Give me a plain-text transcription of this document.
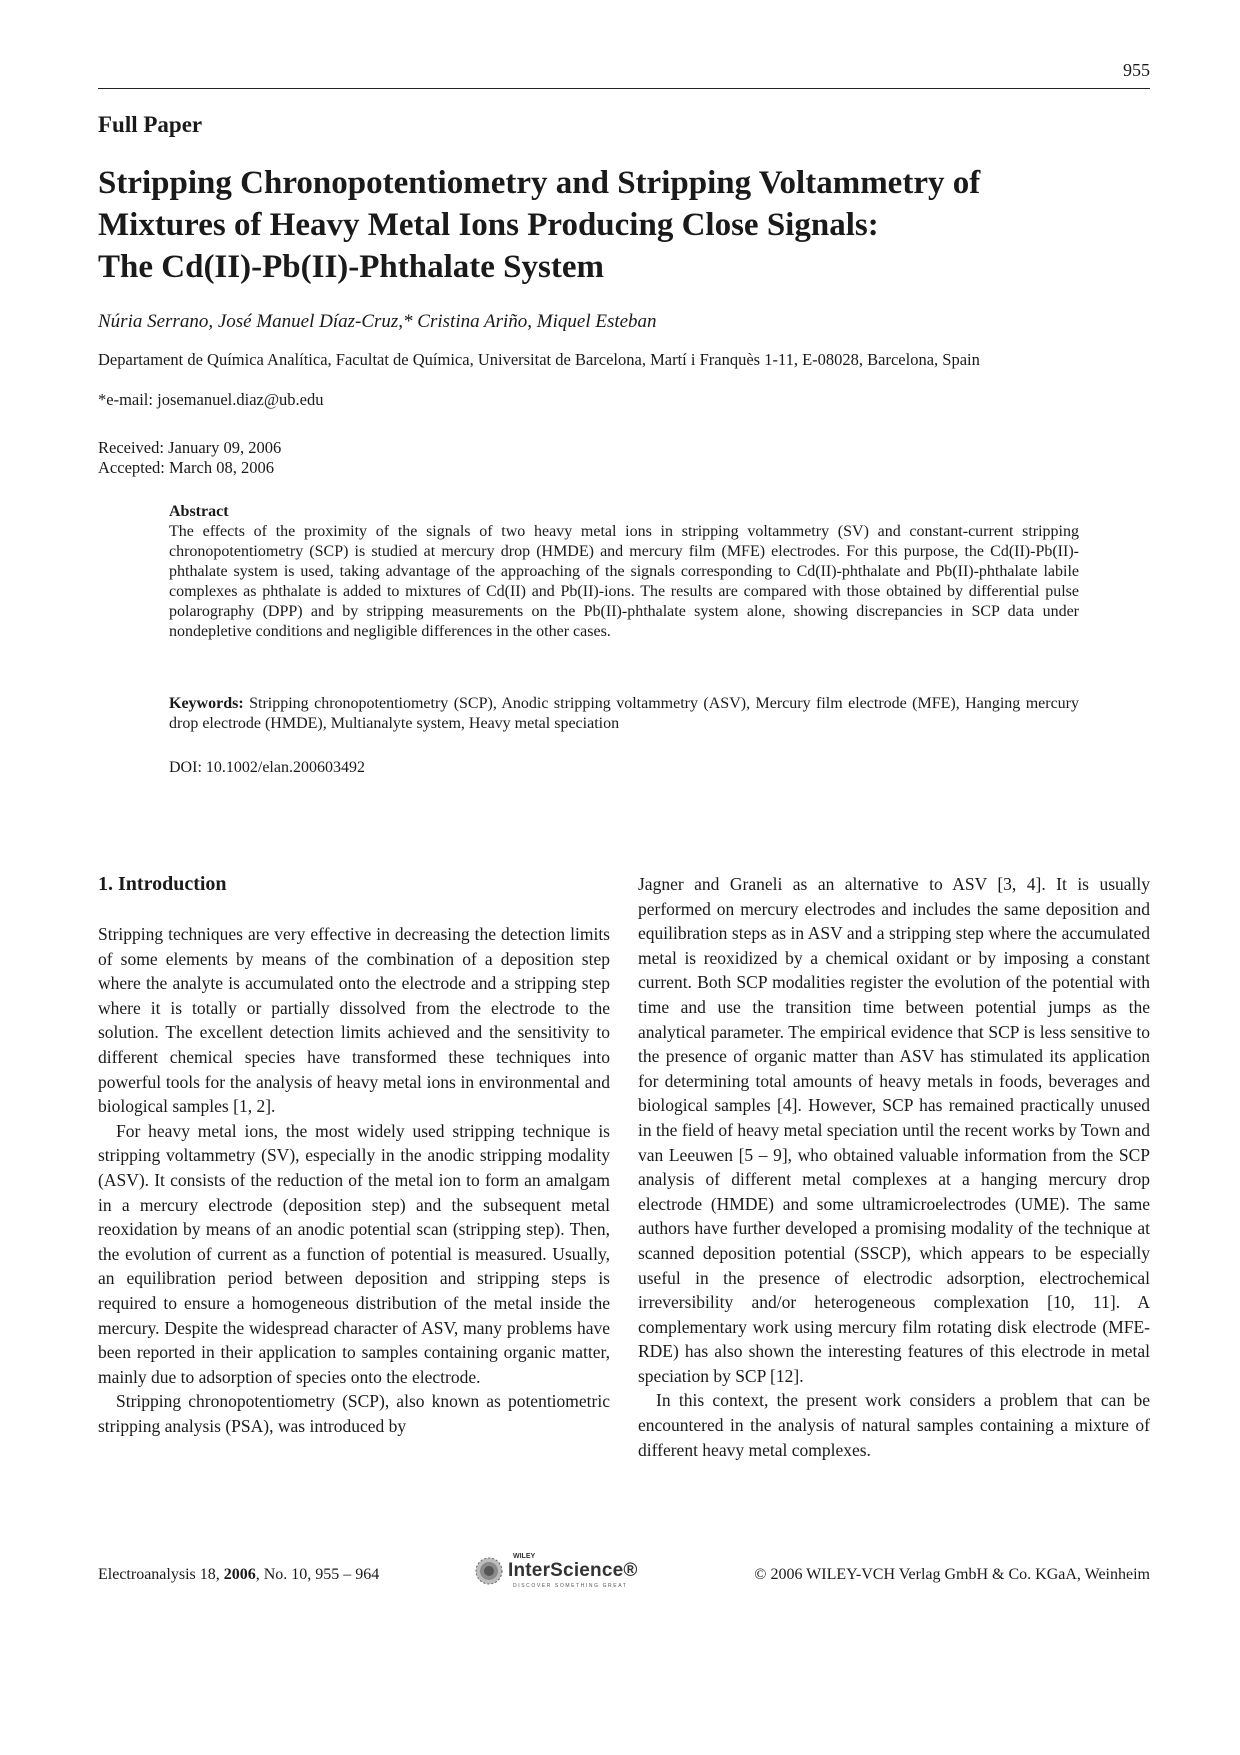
955
Full Paper
Stripping Chronopotentiometry and Stripping Voltammetry of
Mixtures of Heavy Metal Ions Producing Close Signals:
The Cd(II)-Pb(II)-Phthalate System
Núria Serrano, José Manuel Díaz-Cruz,* Cristina Ariño, Miquel Esteban
Departament de Química Analítica, Facultat de Química, Universitat de Barcelona, Martí i Franquès 1-11, E-08028, Barcelona, Spain
*e-mail: josemanuel.diaz@ub.edu
Received: January 09, 2006
Accepted: March 08, 2006
Abstract
The effects of the proximity of the signals of two heavy metal ions in stripping voltammetry (SV) and constant-current stripping chronopotentiometry (SCP) is studied at mercury drop (HMDE) and mercury film (MFE) electrodes. For this purpose, the Cd(II)-Pb(II)-phthalate system is used, taking advantage of the approaching of the signals corresponding to Cd(II)-phthalate and Pb(II)-phthalate labile complexes as phthalate is added to mixtures of Cd(II) and Pb(II)-ions. The results are compared with those obtained by differential pulse polarography (DPP) and by stripping measurements on the Pb(II)-phthalate system alone, showing discrepancies in SCP data under nondepletive conditions and negligible differences in the other cases.
Keywords: Stripping chronopotentiometry (SCP), Anodic stripping voltammetry (ASV), Mercury film electrode (MFE), Hanging mercury drop electrode (HMDE), Multianalyte system, Heavy metal speciation
DOI: 10.1002/elan.200603492
1. Introduction

Stripping techniques are very effective in decreasing the detection limits of some elements by means of the combination of a deposition step where the analyte is accumulated onto the electrode and a stripping step where it is totally or partially dissolved from the electrode to the solution. The excellent detection limits achieved and the sensitivity to different chemical species have transformed these techniques into powerful tools for the analysis of heavy metal ions in environmental and biological samples [1, 2].

For heavy metal ions, the most widely used stripping technique is stripping voltammetry (SV), especially in the anodic stripping modality (ASV). It consists of the reduction of the metal ion to form an amalgam in a mercury electrode (deposition step) and the subsequent metal reoxidation by means of an anodic potential scan (stripping step). Then, the evolution of current as a function of potential is measured. Usually, an equilibration period between deposition and stripping steps is required to ensure a homogeneous distribution of the metal inside the mercury. Despite the widespread character of ASV, many problems have been reported in their application to samples containing organic matter, mainly due to adsorption of species onto the electrode.

Stripping chronopotentiometry (SCP), also known as potentiometric stripping analysis (PSA), was introduced by

Jagner and Graneli as an alternative to ASV [3, 4]. It is usually performed on mercury electrodes and includes the same deposition and equilibration steps as in ASV and a stripping step where the accumulated metal is reoxidized by a chemical oxidant or by imposing a constant current. Both SCP modalities register the evolution of the potential with time and use the transition time between potential jumps as the analytical parameter. The empirical evidence that SCP is less sensitive to the presence of organic matter than ASV has stimulated its application for determining total amounts of heavy metals in foods, beverages and biological samples [4]. However, SCP has remained practically unused in the field of heavy metal speciation until the recent works by Town and van Leeuwen [5 – 9], who obtained valuable information from the SCP analysis of different metal complexes at a hanging mercury drop electrode (HMDE) and some ultramicroelectrodes (UME). The same authors have further developed a promising modality of the technique at scanned deposition potential (SSCP), which appears to be especially useful in the presence of electrodic adsorption, electrochemical irreversibility and/or heterogeneous complexation [10, 11]. A complementary work using mercury film rotating disk electrode (MFE-RDE) has also shown the interesting features of this electrode in metal speciation by SCP [12].

In this context, the present work considers a problem that can be encountered in the analysis of natural samples containing a mixture of different heavy metal complexes.

Electroanalysis 18, 2006, No. 10, 955 – 964
WILEY
InterScience®
DISCOVER SOMETHING GREAT
© 2006 WILEY-VCH Verlag GmbH & Co. KGaA, Weinheim
